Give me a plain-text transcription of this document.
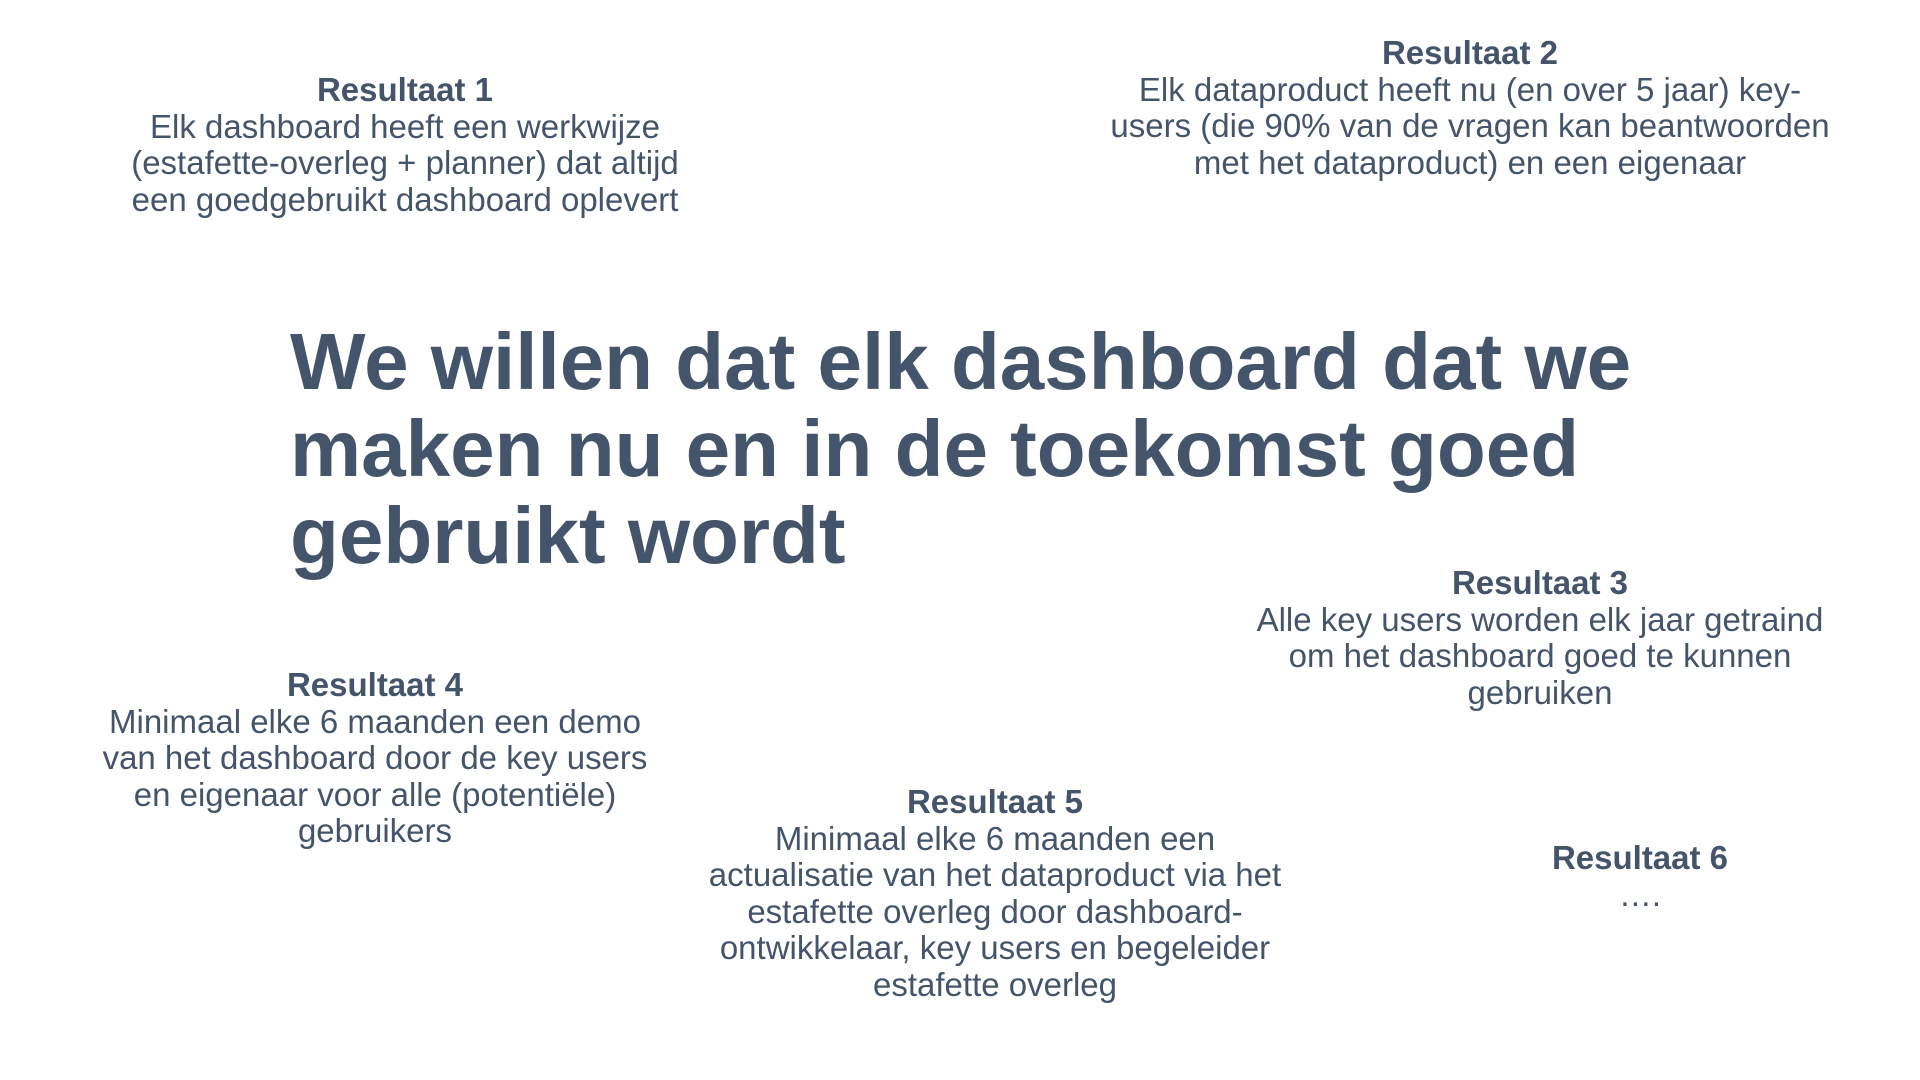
We willen dat elk dashboard dat we maken nu en in de toekomst goed gebruikt wordt
Resultaat 1
Elk dashboard heeft een werkwijze (estafette-overleg + planner) dat altijd een goedgebruikt dashboard oplevert
Resultaat 2
Elk dataproduct heeft nu (en over 5 jaar) key-users (die 90% van de vragen kan beantwoorden met het dataproduct) en een eigenaar
Resultaat 3
Alle key users worden elk jaar getraind om het dashboard goed te kunnen gebruiken
Resultaat 4
Minimaal elke 6 maanden een demo van het dashboard door de key users en eigenaar voor alle (potentiële) gebruikers
Resultaat 5
Minimaal elke 6 maanden een actualisatie van het dataproduct via het estafette overleg door dashboard-ontwikkelaar, key users en begeleider estafette overleg
Resultaat 6
….
